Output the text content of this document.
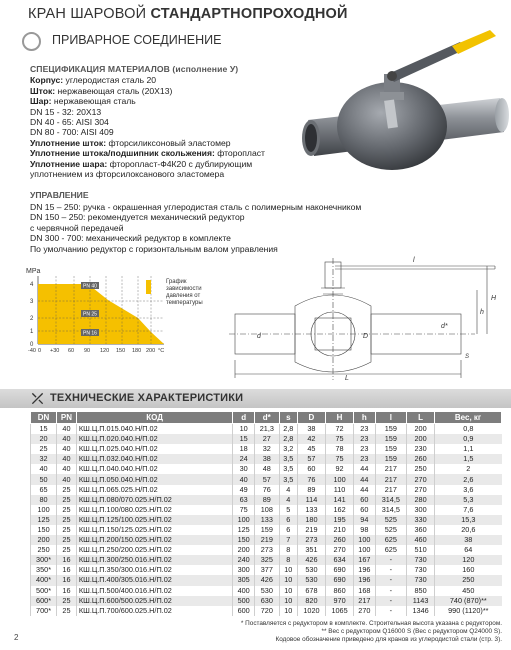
КРАН ШАРОВОЙ СТАНДАРТНОПРОХОДНОЙ
ПРИВАРНОЕ СОЕДИНЕНИЕ
СПЕЦИФИКАЦИЯ МАТЕРИАЛОВ (исполнение У)
Корпус: углеродистая сталь 20
Шток: нержавеющая сталь (20Х13)
Шар: нержавеющая сталь
DN 15 - 32: 20Х13
DN 40 - 65: AISI 304
DN 80 - 700: AISI 409
Уплотнение шток: фторсиликсоновый эластомер
Уплотнение штока/подшипник скольжения: фторопласт
Уплотнение шара: фторопласт-Ф4К20 с дублирующим
уплотнением из фторсилоксанового эластомера
УПРАВЛЕНИЕ
DN 15 – 250: ручка - окрашенная углеродистая сталь с полимерным наконечником
DN 150 – 250: рекомендуется механический редуктор
с червячной передачей
DN 300 - 700: механический редуктор в комплекте
По умолчанию редуктор с горизонтальным валом управления
MPa
4
3
2
1
0
-40 0 +30 60 90 120 150 180 200 °C
PN 40
PN 25
PN 16
График
зависимости
давления от
температуры
d
d*
D
H
h
S
L
l
ТЕХНИЧЕСКИЕ ХАРАКТЕРИСТИКИ
DN	PN	КОД	d	d*	s	D	H	h	l	L	Вес, кг
15	40	КШ.Ц.П.015.040.Н/П.02	10	21,3	2,8	38	72	23	159	200	0,8
20	40	КШ.Ц.П.020.040.Н/П.02	15	27	2,8	42	75	23	159	200	0,9
25	40	КШ.Ц.П.025.040.Н/П.02	18	32	3,2	45	78	23	159	230	1,1
32	40	КШ.Ц.П.032.040.Н/П.02	24	38	3,5	57	75	23	159	260	1,5
40	40	КШ.Ц.П.040.040.Н/П.02	30	48	3,5	60	92	44	217	250	2
50	40	КШ.Ц.П.050.040.Н/П.02	40	57	3,5	76	100	44	217	270	2,6
65	25	КШ.Ц.П.065.025.Н/П.02	49	76	4	89	110	44	217	270	3,6
80	25	КШ.Ц.П.080/070.025.Н/П.02	63	89	4	114	141	60	314,5	280	5,3
100	25	КШ.Ц.П.100/080.025.Н/П.02	75	108	5	133	162	60	314,5	300	7,6
125	25	КШ.Ц.П.125/100.025.Н/П.02	100	133	6	180	195	94	525	330	15,3
150	25	КШ.Ц.П.150/125.025.Н/П.02	125	159	6	219	210	98	525	360	20,6
200	25	КШ.Ц.П.200/150.025.Н/П.02	150	219	7	273	260	100	625	460	38
250	25	КШ.Ц.П.250/200.025.Н/П.02	200	273	8	351	270	100	625	510	64
300*	16	КШ.Ц.П.300/250.016.Н/П.02	240	325	8	426	634	167	-	730	120
350*	16	КШ.Ц.П.350/300.016.Н/П.02	300	377	10	530	690	196	-	730	160
400*	16	КШ.Ц.П.400/305.016.Н/П.02	305	426	10	530	690	196	-	730	250
500*	16	КШ.Ц.П.500/400.016.Н/П.02	400	530	10	678	860	168	-	850	450
600*	25	КШ.Ц.П.600/500.025.Н/П.02	500	630	10	820	970	217	-	1143	740 (870)**
700*	25	КШ.Ц.П.700/600.025.Н/П.02	600	720	10	1020	1065	270	-	1346	990 (1120)**
* Поставляется с редуктором в комплекте. Строительная высота указана с редуктором.
** Вес с редуктором Q16000 S (Вес с редуктором Q24000 S).
Кодовое обозначение приведено для кранов из углеродистой стали (стр. 3).
2
